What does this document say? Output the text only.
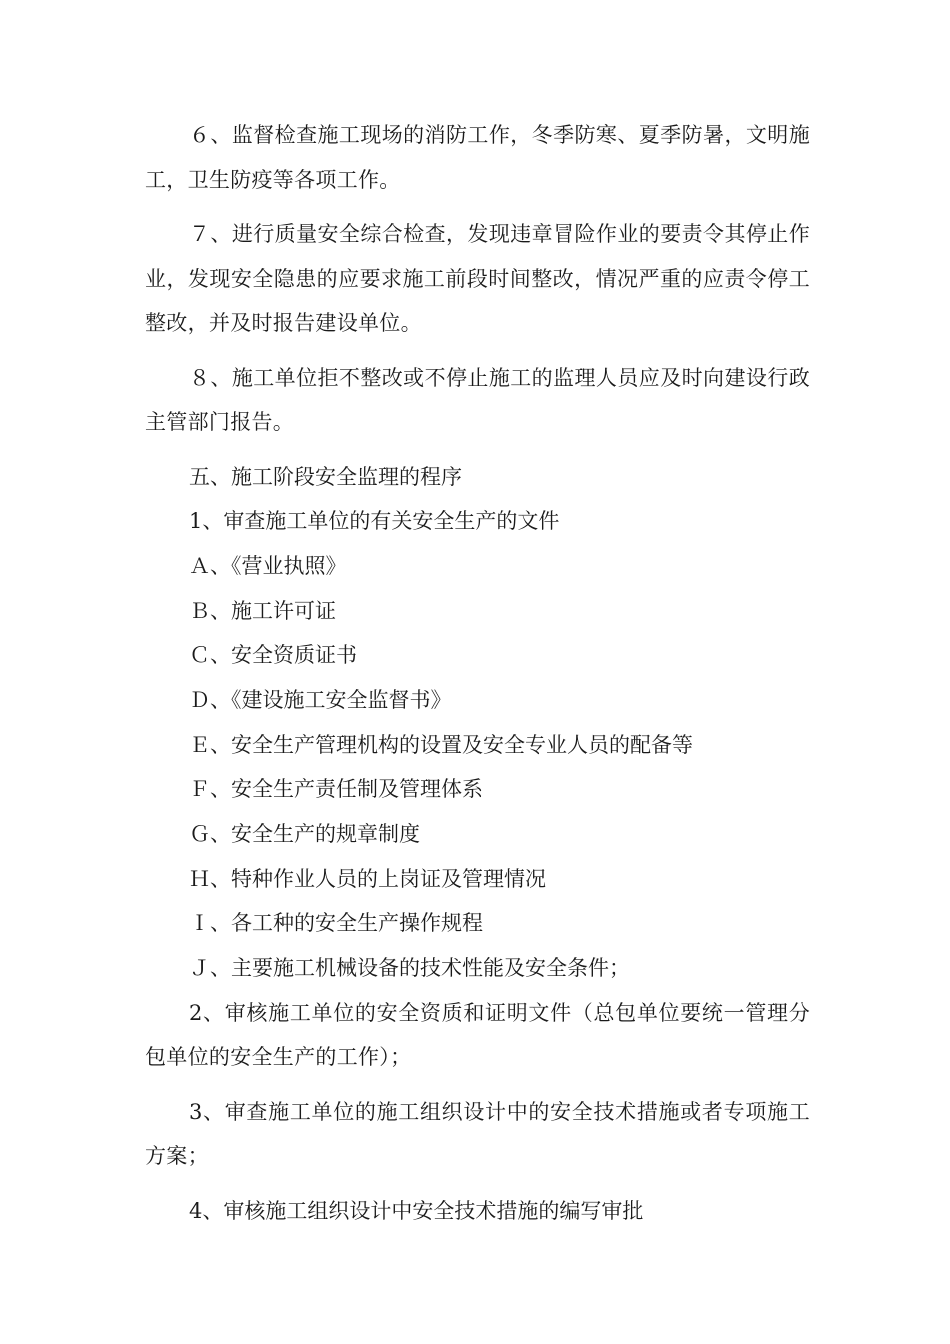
６、监督检查施工现场的消防工作，冬季防寒、夏季防暑，文明施工，卫生防疫等各项工作。

７、进行质量安全综合检查，发现违章冒险作业的要责令其停止作业，发现安全隐患的应要求施工前段时间整改，情况严重的应责令停工整改，并及时报告建设单位。

８、施工单位拒不整改或不停止施工的监理人员应及时向建设行政主管部门报告。

五、施工阶段安全监理的程序

1、审查施工单位的有关安全生产的文件

Ａ、《营业执照》

Ｂ、施工许可证

Ｃ、安全资质证书

Ｄ、《建设施工安全监督书》

Ｅ、安全生产管理机构的设置及安全专业人员的配备等

Ｆ、安全生产责任制及管理体系

Ｇ、安全生产的规章制度

Ｈ、特种作业人员的上岗证及管理情况

Ｉ、各工种的安全生产操作规程

Ｊ、主要施工机械设备的技术性能及安全条件；

2、审核施工单位的安全资质和证明文件（总包单位要统一管理分包单位的安全生产的工作）；

3、审查施工单位的施工组织设计中的安全技术措施或者专项施工方案；

4、审核施工组织设计中安全技术措施的编写审批
